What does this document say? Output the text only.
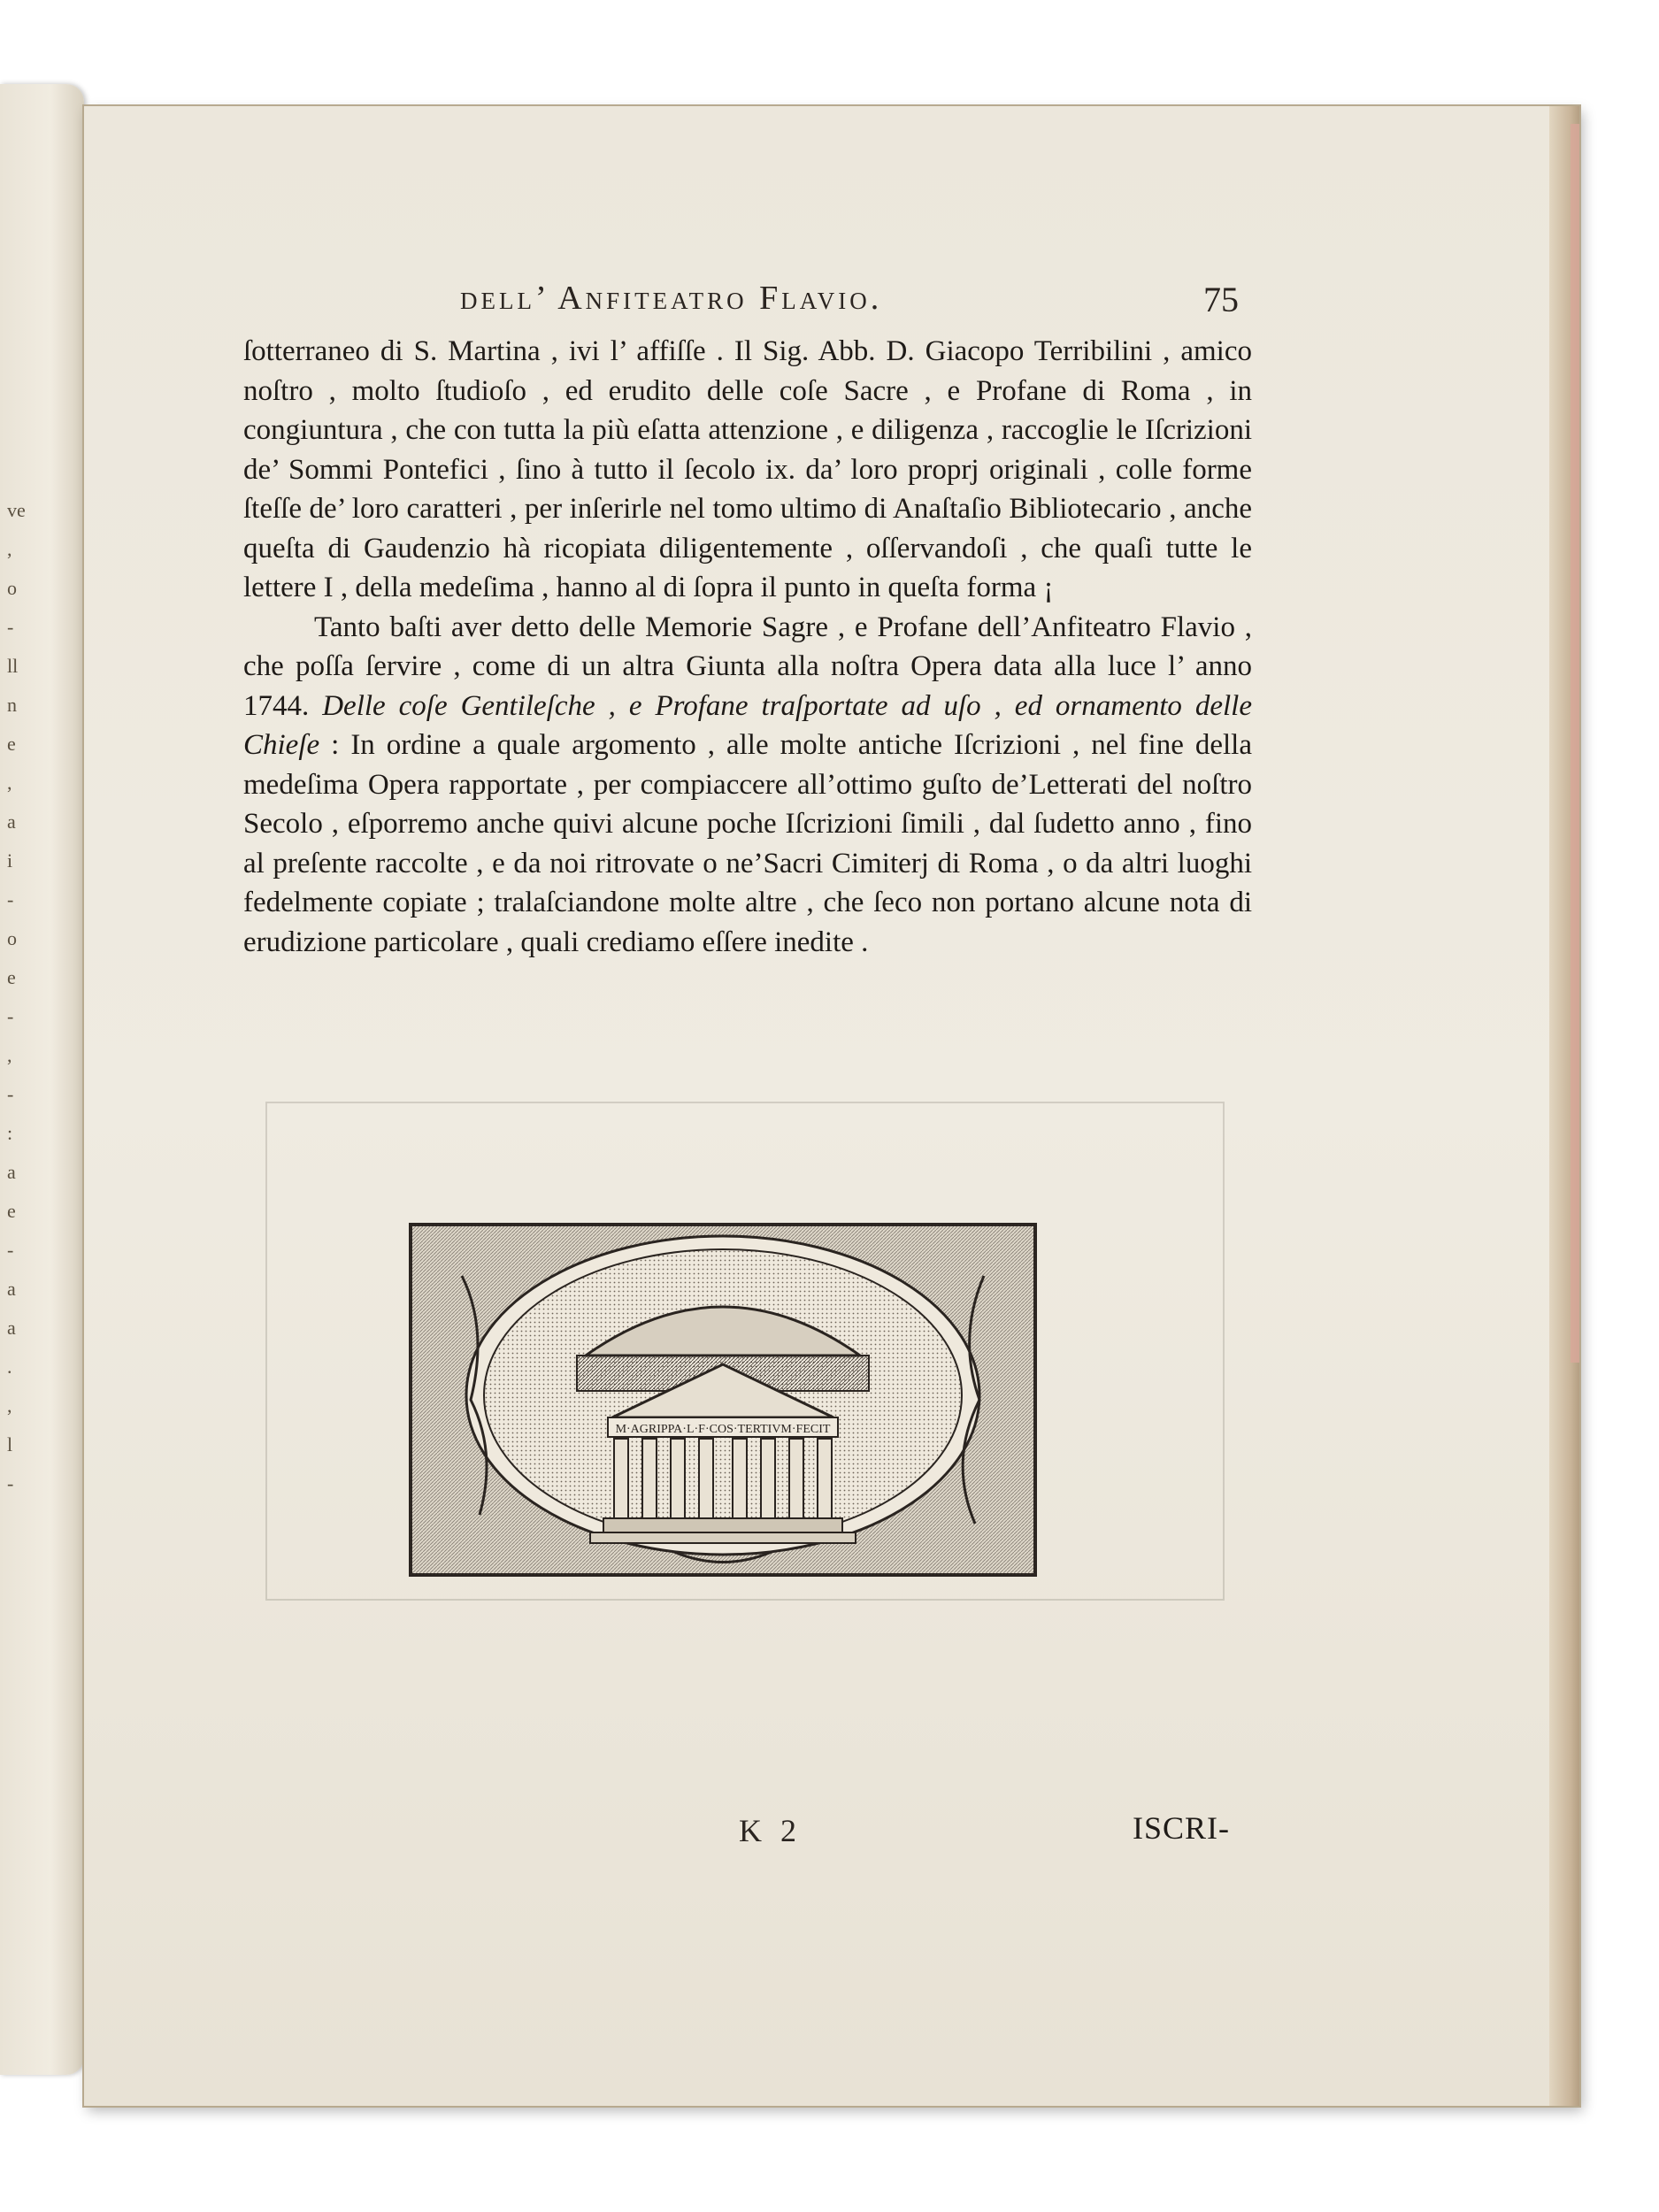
ve
,
o
-
ll
n
e
,
a
i
-
o
e
-
,
-
:
a
e
-
a
a
.
,
l
-
dell’ Anfiteatro Flavio.	75

ſotterraneo di S. Martina , ivi l’ affiſſe . Il Sig. Abb. D. Giacopo Terribilini , amico noſtro , molto ſtudioſo , ed erudito delle coſe Sacre , e Profane di Roma , in congiuntura , che con tutta la più eſatta attenzione , e diligenza , raccoglie le Iſcrizioni de’ Sommi Pontefici , ſino à tutto il ſecolo ix. da’ loro proprj originali , colle forme ſteſſe de’ loro caratteri , per inſerirle nel tomo ultimo di Anaſtaſio Bibliotecario , anche queſta di Gaudenzio hà ricopiata diligentemente , oſſervandoſi , che quaſi tutte le lettere I , della medeſima , hanno al di ſopra il punto in queſta forma ¡

Tanto baſti aver detto delle Memorie Sagre , e Profane dell’Anfiteatro Flavio , che poſſa ſervire , come di un altra Giunta alla noſtra Opera data alla luce l’ anno 1744. Delle coſe Gentileſche , e Profane traſportate ad uſo , ed ornamento delle Chieſe : In ordine a quale argomento , alle molte antiche Iſcrizioni , nel fine della medeſima Opera rapportate , per compiaccere all’ottimo guſto de’Letterati del noſtro Secolo , eſporremo anche quivi alcune poche Iſcrizioni ſimili , dal ſudetto anno , fino al preſente raccolte , e da noi ritrovate o ne’Sacri Cimiterj di Roma , o da altri luoghi fedelmente copiate ; tralaſciandone molte altre , che ſeco non portano alcune nota di erudizione particolare , quali crediamo eſſere inedite .

M·AGRIPPA·L·F·COS·TERTIVM·FECIT
K 2	ISCRI-
